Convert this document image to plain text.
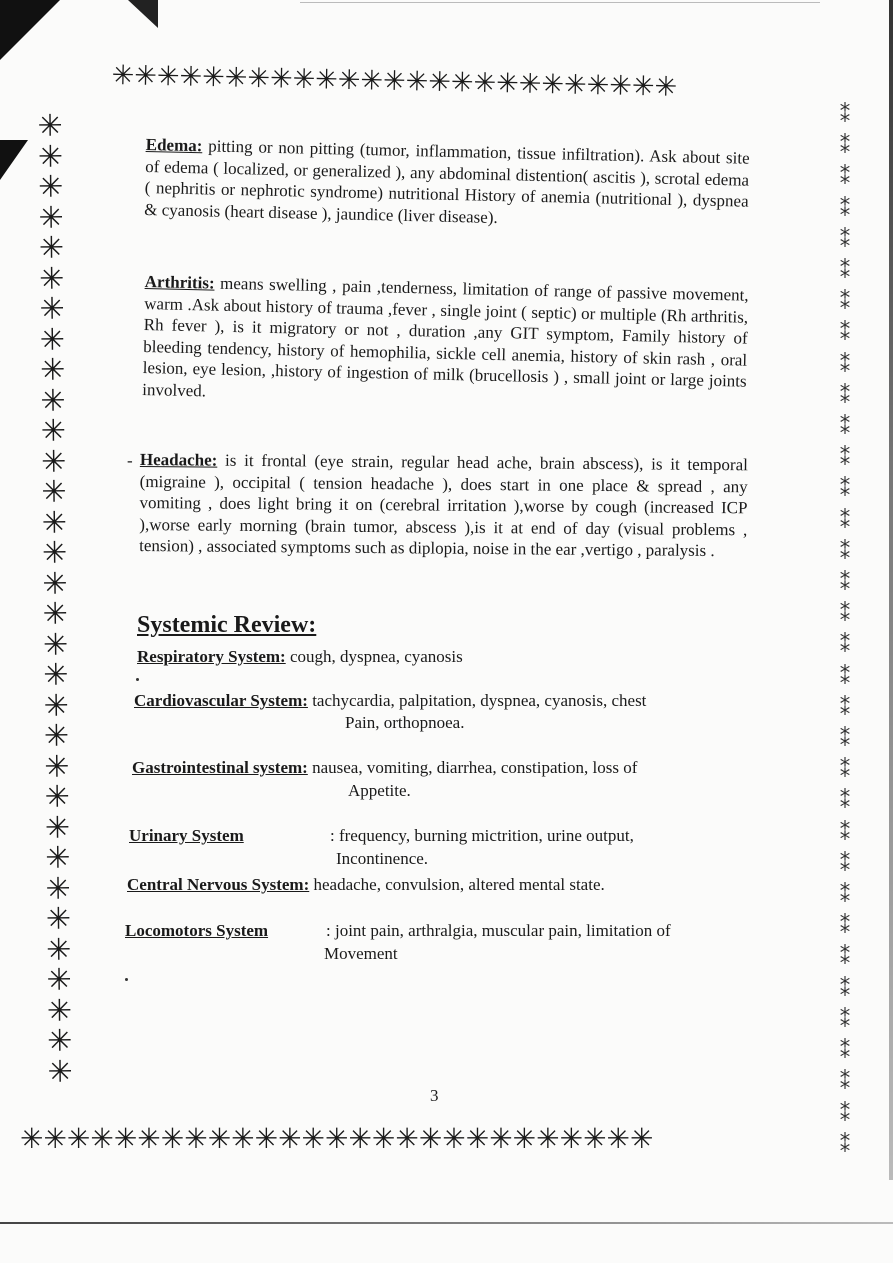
✳✳✳✳✳✳✳✳✳✳✳✳✳✳✳✳✳✳✳✳✳✳✳✳✳
✳ ✳ ✳ ✳ ✳ ✳ ✳ ✳ ✳ ✳ ✳ ✳ ✳ ✳ ✳ ✳ ✳ ✳ ✳ ✳ ✳ ✳ ✳ ✳ ✳ ✳ ✳ ✳ ✳ ✳ ✳ ✳
⁑ ⁑ ⁑ ⁑ ⁑ ⁑ ⁑ ⁑ ⁑ ⁑ ⁑ ⁑ ⁑ ⁑ ⁑ ⁑ ⁑ ⁑ ⁑ ⁑ ⁑ ⁑ ⁑ ⁑ ⁑ ⁑ ⁑ ⁑ ⁑ ⁑ ⁑ ⁑ ⁑ ⁑
✳✳✳✳✳✳✳✳✳✳✳✳✳✳✳✳✳✳✳✳✳✳✳✳✳✳✳

Edema: pitting or non pitting (tumor, inflammation, tissue infiltration). Ask about site of edema ( localized, or generalized ), any abdominal distention( ascitis ), scrotal edema ( nephritis or nephrotic syndrome) nutritional History of anemia (nutritional ), dyspnea & cyanosis (heart disease ), jaundice (liver disease).

Arthritis: means swelling , pain ,tenderness, limitation of range of passive movement, warm .Ask about history of trauma ,fever , single joint ( septic) or multiple (Rh arthritis, Rh fever ), is it migratory or not , duration ,any GIT symptom, Family history of bleeding tendency, history of hemophilia, sickle cell anemia, history of skin rash , oral lesion, eye lesion, ,history of ingestion of milk (brucellosis ) , small joint or large joints involved.

- Headache: is it frontal (eye strain, regular head ache, brain abscess), is it temporal (migraine ), occipital ( tension headache ), does start in one place & spread , any vomiting , does light bring it on (cerebral irritation ),worse by cough (increased ICP ),worse early morning (brain tumor, abscess ),is it at end of day (visual problems , tension) , associated symptoms such as diplopia, noise in the ear ,vertigo , paralysis .

Systemic Review:
Respiratory System: cough, dyspnea, cyanosis
Cardiovascular System: tachycardia, palpitation, dyspnea, cyanosis, chest
Pain, orthopnoea.
Gastrointestinal system: nausea, vomiting, diarrhea, constipation, loss of
Appetite.
Urinary System	: frequency, burning mictrition, urine output,
Incontinence.
Central Nervous System: headache, convulsion, altered mental state.
Locomotors System	: joint pain, arthralgia, muscular pain, limitation of
Movement
3
